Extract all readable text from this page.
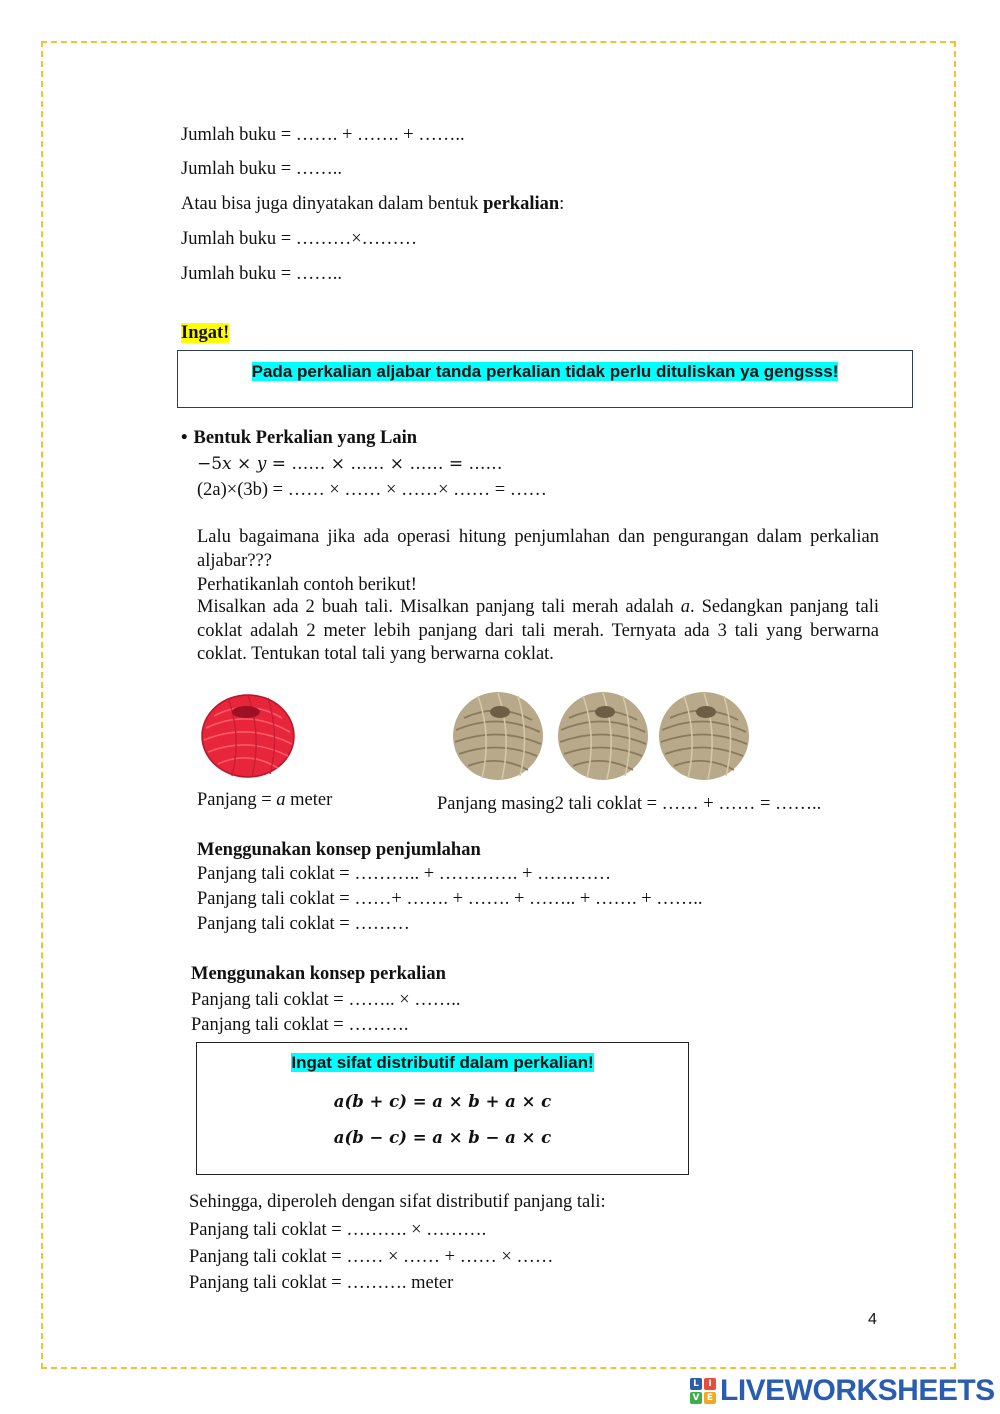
Jumlah buku = ……. + ……. + ……..
Jumlah buku = ……..
Atau bisa juga dinyatakan dalam bentuk perkalian:
Jumlah buku = ………×………
Jumlah buku = ……..
Ingat!
Pada perkalian aljabar tanda perkalian tidak perlu dituliskan ya gengsss!
• Bentuk Perkalian yang Lain
−5𝑥 × 𝑦 = …… × …… × …… = ……
(2a)×(3b) = …… × …… × ……× …… = ……
Lalu bagaimana jika ada operasi hitung penjumlahan dan pengurangan dalam perkalian aljabar???
Perhatikanlah contoh berikut!
Misalkan ada 2 buah tali. Misalkan panjang tali merah adalah a. Sedangkan panjang tali coklat adalah 2 meter lebih panjang dari tali merah. Ternyata ada 3 tali yang berwarna coklat. Tentukan total tali yang berwarna coklat.
Panjang = a meter	Panjang masing2 tali coklat = …… + …… = ……..
Menggunakan konsep penjumlahan
Panjang tali coklat = ……….. + …………. + …………
Panjang tali coklat = ……+ ……. + ……. + …….. + ……. + ……..
Panjang tali coklat = ………
Menggunakan konsep perkalian
Panjang tali coklat = …….. × ……..
Panjang tali coklat = ……….
Ingat sifat distributif dalam perkalian!
𝒂(𝒃 + 𝒄) = 𝒂 × 𝒃 + 𝒂 × 𝒄
𝒂(𝒃 − 𝒄) = 𝒂 × 𝒃 − 𝒂 × 𝒄
Sehingga, diperoleh dengan sifat distributif panjang tali:
Panjang tali coklat = ………. × ……….
Panjang tali coklat = …… × …… + …… × ……
Panjang tali coklat = ………. meter
4
L	I
V E LIVEWORKSHEETS
